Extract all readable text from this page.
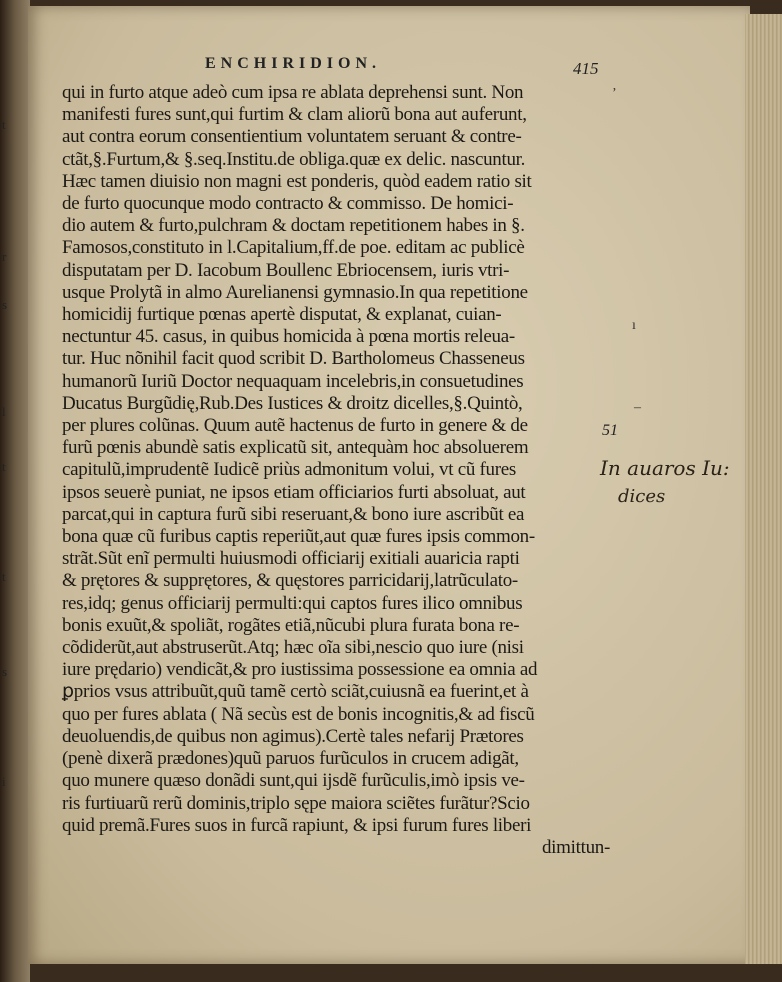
t
r
s
l
t
t
s
i
ENCHIRIDION.	415
qui in furto atque adeò cum ipsa re ablata deprehensi sunt. Non
manifesti fures sunt,qui furtim & clam aliorũ bona aut auferunt,
aut contra eorum consentientium voluntatem seruant & contre-
ctãt,§.Furtum,& §.seq.Institu.de obliga.quæ ex delic. nascuntur.
Hæc tamen diuisio non magni est ponderis, quòd eadem ratio sit
de furto quocunque modo contracto & commisso. De homici-
dio autem & furto,pulchram & doctam repetitionem habes in §.
Famosos,constituto in l.Capitalium,ff.de poe. editam ac publicè
disputatam per D. Iacobum Boullenc Ebriocensem, iuris vtri-
usque Prolytã in almo Aurelianensi gymnasio.In qua repetitione
homicidij furtique pœnas apertè disputat, & explanat, cuian-
nectuntur 45. casus, in quibus homicida à pœna mortis releua-
tur. Huc nõnihil facit quod scribit D. Bartholomeus Chasseneus
humanorũ Iuriũ Doctor nequaquam incelebris,in consuetudines
Ducatus Burgũdię,Rub.Des Iustices & droitz dicelles,§.Quintò,
per plures colũnas. Quum autẽ hactenus de furto in genere & de
furũ pœnis abundè satis explicatũ sit, antequàm hoc absoluerem
capitulũ,imprudentẽ Iudicẽ priùs admonitum volui, vt cũ fures
ipsos seuerè puniat, ne ipsos etiam officiarios furti absoluat, aut
parcat,qui in captura furũ sibi reseruant,& bono iure ascribũt ea
bona quæ cũ furibus captis reperiũt,aut quæ fures ipsis common-
strãt.Sũt enĩ permulti huiusmodi officiarij exitiali auaricia rapti
& prętores & supprętores, & quęstores parricidarij,latrũculato-
res,idq; genus officiarij permulti:qui captos fures ilico omnibus
bonis exuũt,& spoliãt, rogãtes etiã,nũcubi plura furata bona re-
cõdiderũt,aut abstruserũt.Atq; hæc oĩa sibi,nescio quo iure (nisi
iure prędario) vendicãt,& pro iustissima possessione ea omnia ad
ꝑprios vsus attribuũt,quũ tamẽ certò sciãt,cuiusnã ea fuerint,et à
quo per fures ablata ( Nã secùs est de bonis incognitis,& ad fiscũ
deuoluendis,de quibus non agimus).Certè tales nefarij Prætores
(penè dixerã prædones)quũ paruos furũculos in crucem adigãt,
quo munere quæso donãdi sunt,qui ijsdẽ furũculis,imò ipsis ve-
ris furtiuarũ rerũ dominis,triplo sępe maiora sciẽtes furãtur?Scio
quid premã.Fures suos in furcã rapiunt, & ipsi furum fures liberi
dimittun-
51
In auaros Iu:
dices
ʼ
ı
‒
